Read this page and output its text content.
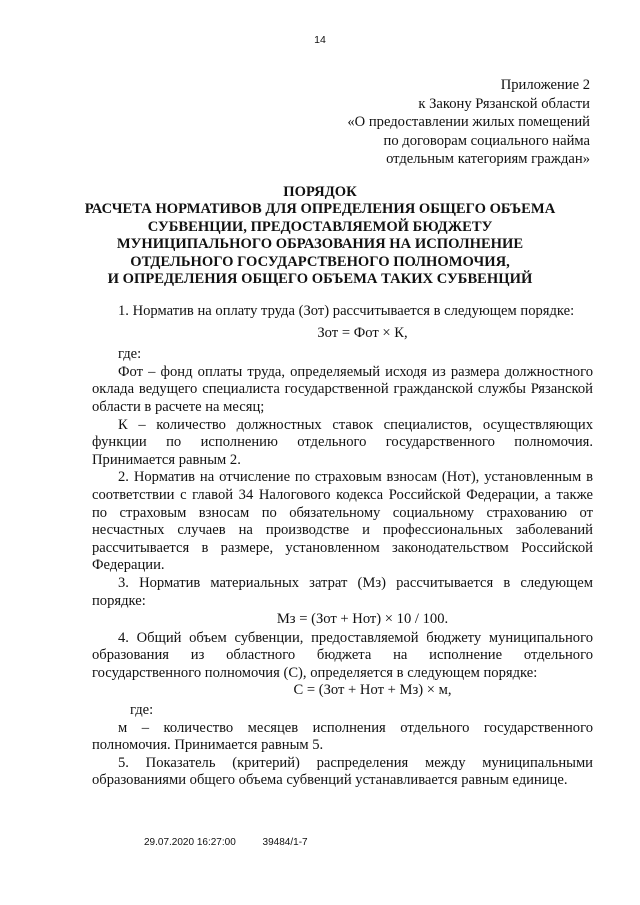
14
Приложение 2
к Закону Рязанской области
«О предоставлении жилых помещений
по договорам социального найма
отдельным категориям граждан»
ПОРЯДОК
РАСЧЕТА НОРМАТИВОВ ДЛЯ ОПРЕДЕЛЕНИЯ ОБЩЕГО ОБЪЕМА
СУБВЕНЦИИ, ПРЕДОСТАВЛЯЕМОЙ БЮДЖЕТУ
МУНИЦИПАЛЬНОГО ОБРАЗОВАНИЯ НА ИСПОЛНЕНИЕ
ОТДЕЛЬНОГО ГОСУДАРСТВЕНОГО ПОЛНОМОЧИЯ,
И ОПРЕДЕЛЕНИЯ ОБЩЕГО ОБЪЕМА ТАКИХ СУБВЕНЦИЙ

1. Норматив на оплату труда (Зот) рассчитывается в следующем порядке:

Зот = Фот × К,
где:

Фот – фонд оплаты труда, определяемый исходя из размера должностного оклада ведущего специалиста государственной гражданской службы Рязанской области в расчете на месяц;

К – количество должностных ставок специалистов, осуществляющих функции по исполнению отдельного государственного полномочия. Принимается равным 2.

2. Норматив на отчисление по страховым взносам (Нот), установленным в соответствии с главой 34 Налогового кодекса Российской Федерации, а также по страховым взносам по обязательному социальному страхованию от несчастных случаев на производстве и профессиональных заболеваний рассчитывается в размере, установленном законодательством Российской Федерации.

3. Норматив материальных затрат (Мз) рассчитывается в следующем порядке:

Мз = (Зот + Нот) × 10 / 100.

4. Общий объем субвенции, предоставляемой бюджету муниципального образования из областного бюджета на исполнение отдельного государственного полномочия (С), определяется в следующем порядке:

С = (Зот + Нот + Мз) × м,
где:

м – количество месяцев исполнения отдельного государственного полномочия. Принимается равным 5.

5. Показатель (критерий) распределения между муниципальными образованиями общего объема субвенций устанавливается равным единице.

29.07.2020 16:27:00	39484/1-7
